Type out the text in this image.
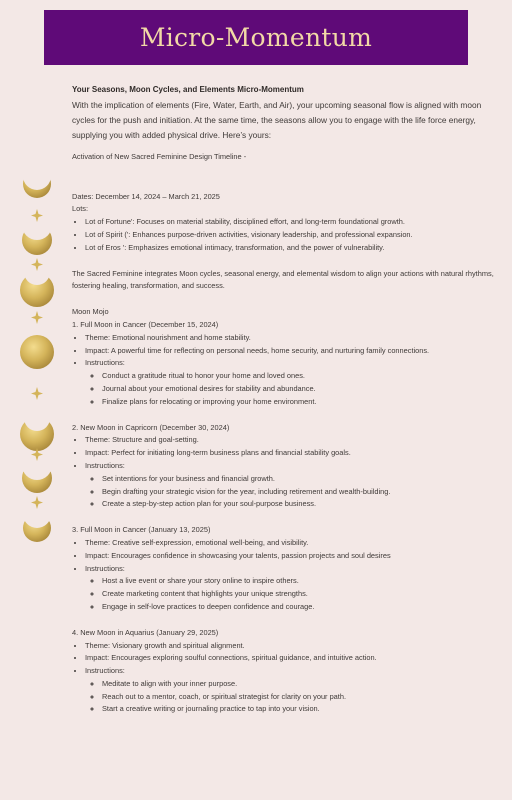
Micro-Momentum

Your Seasons, Moon Cycles, and Elements Micro-Momentum

With the implication of elements (Fire, Water, Earth, and Air), your upcoming seasonal flow is aligned with moon cycles for the push and initiation. At the same time, the seasons allow you to engage with the life force energy, supplying you with added physical drive. Here’s yours:

Activation of New Sacred Feminine Design Timeline -

Dates: December 14, 2024 – March 21, 2025

Lots:

• Lot of Fortune': Focuses on material stability, disciplined effort, and long-term foundational growth.
• Lot of Spirit (': Enhances purpose-driven activities, visionary leadership, and professional expansion.
• Lot of Eros ': Emphasizes emotional intimacy, transformation, and the power of vulnerability.

The Sacred Feminine integrates Moon cycles, seasonal energy, and elemental wisdom to align your actions with natural rhythms, fostering healing, transformation, and success.

Moon Mojo

1. Full Moon in Cancer (December 15, 2024)

• Theme: Emotional nourishment and home stability.
• Impact: A powerful time for reflecting on personal needs, home security, and nurturing family connections.
• Instructions:
◦ Conduct a gratitude ritual to honor your home and loved ones.
◦ Journal about your emotional desires for stability and abundance.
◦ Finalize plans for relocating or improving your home environment.

2. New Moon in Capricorn (December 30, 2024)

• Theme: Structure and goal-setting.
• Impact: Perfect for initiating long-term business plans and financial stability goals.
• Instructions:
◦ Set intentions for your business and financial growth.
◦ Begin drafting your strategic vision for the year, including retirement and wealth-building.
◦ Create a step-by-step action plan for your soul-purpose business.

3. Full Moon in Cancer (January 13, 2025)

• Theme: Creative self-expression, emotional well-being, and visibility.
• Impact: Encourages confidence in showcasing your talents, passion projects and soul desires
• Instructions:
◦ Host a live event or share your story online to inspire others.
◦ Create marketing content that highlights your unique strengths.
◦ Engage in self-love practices to deepen confidence and courage.

4. New Moon in Aquarius (January 29, 2025)

• Theme: Visionary growth and spiritual alignment.
• Impact: Encourages exploring soulful connections, spiritual guidance, and intuitive action.
• Instructions:
◦ Meditate to align with your inner purpose.
◦ Reach out to a mentor, coach, or spiritual strategist for clarity on your path.
◦ Start a creative writing or journaling practice to tap into your vision.
